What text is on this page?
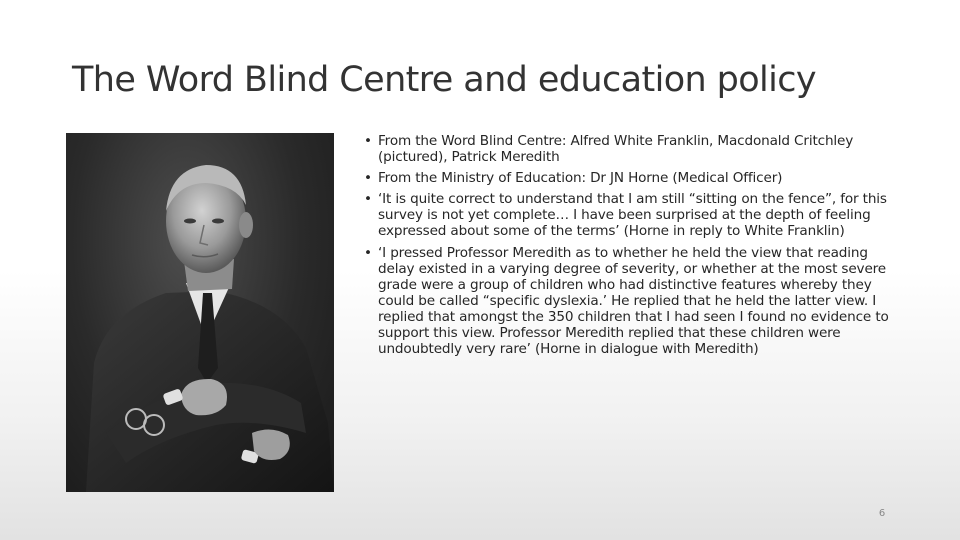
The Word Blind Centre and education policy
• From the Word Blind Centre: Alfred White Franklin, Macdonald Critchley (pictured), Patrick Meredith
• From the Ministry of Education: Dr JN Horne (Medical Officer)
• ‘It is quite correct to understand that I am still “sitting on the fence”, for this survey is not yet complete… I have been surprised at the depth of feeling expressed about some of the terms’ (Horne in reply to White Franklin)
• ‘I pressed Professor Meredith as to whether he held the view that reading delay existed in a varying degree of severity, or whether at the most severe grade were a group of children who had distinctive features whereby they could be called “specific dyslexia.’ He replied that he held the latter view. I replied that amongst the 350 children that I had seen I found no evidence to support this view. Professor Meredith replied that these children were undoubtedly very rare’ (Horne in dialogue with Meredith)
6
